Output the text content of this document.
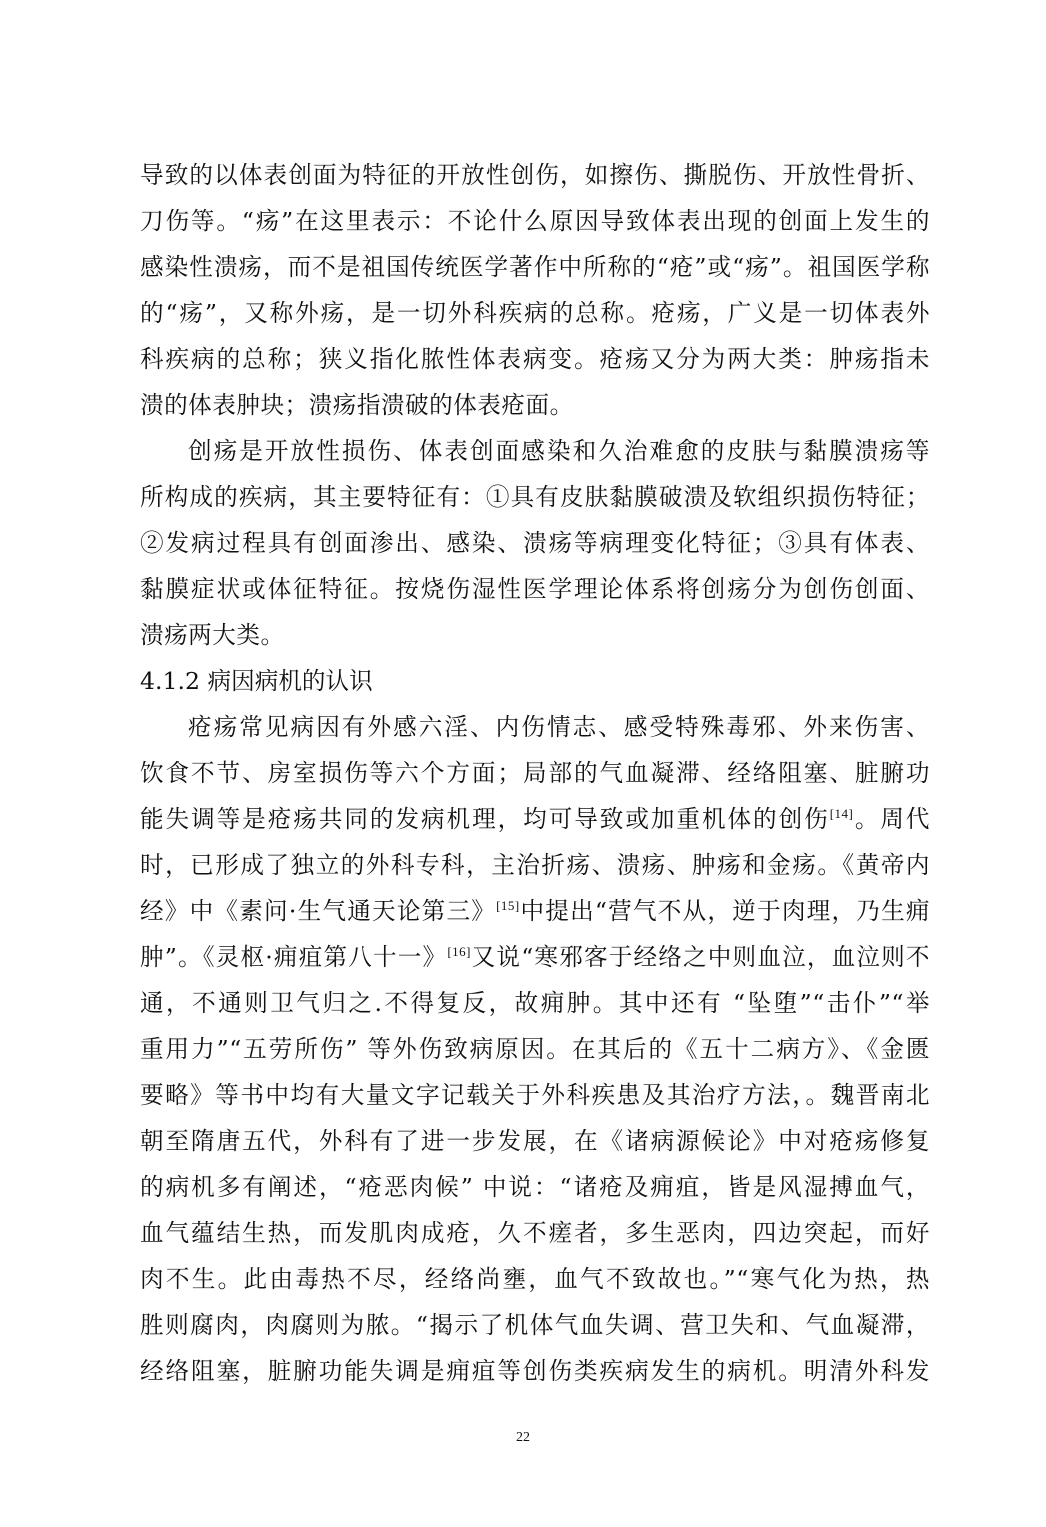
导致的以体表创面为特征的开放性创伤，如擦伤、撕脱伤、开放性骨折、
刀伤等。“疡”在这里表示：不论什么原因导致体表出现的创面上发生的
感染性溃疡，而不是祖国传统医学著作中所称的“疮”或“疡”。祖国医学称
的“疡”，又称外疡，是一切外科疾病的总称。疮疡，广义是一切体表外
科疾病的总称；狭义指化脓性体表病变。疮疡又分为两大类：肿疡指未
溃的体表肿块；溃疡指溃破的体表疮面。
创疡是开放性损伤、体表创面感染和久治难愈的皮肤与黏膜溃疡等
所构成的疾病，其主要特征有：①具有皮肤黏膜破溃及软组织损伤特征；
②发病过程具有创面渗出、感染、溃疡等病理变化特征；③具有体表、
黏膜症状或体征特征。按烧伤湿性医学理论体系将创疡分为创伤创面、
溃疡两大类。
4.1.2 病因病机的认识
疮疡常见病因有外感六淫、内伤情志、感受特殊毒邪、外来伤害、
饮食不节、房室损伤等六个方面；局部的气血凝滞、经络阻塞、脏腑功
能失调等是疮疡共同的发病机理，均可导致或加重机体的创伤[14]。周代
时，已形成了独立的外科专科，主治折疡、溃疡、肿疡和金疡。《黄帝内
经》中《素问·生气通天论第三》[15]中提出“营气不从，逆于肉理，乃生痈
肿”。《灵枢·痈疽第八十一》[16]又说“寒邪客于经络之中则血泣，血泣则不
通，不通则卫气归之.不得复反，故痈肿。其中还有 “坠堕”“击仆”“举
重用力”“五劳所伤” 等外伤致病原因。在其后的《五十二病方》、《金匮
要略》等书中均有大量文字记载关于外科疾患及其治疗方法，。魏晋南北
朝至隋唐五代，外科有了进一步发展，在《诸病源候论》中对疮疡修复
的病机多有阐述，“疮恶肉候” 中说：“诸疮及痈疽，皆是风湿搏血气，
血气蕴结生热，而发肌肉成疮，久不瘥者，多生恶肉，四边突起，而好
肉不生。此由毒热不尽，经络尚壅，血气不致故也。”“寒气化为热，热
胜则腐肉，肉腐则为脓。“揭示了机体气血失调、营卫失和、气血凝滞，
经络阻塞，脏腑功能失调是痈疽等创伤类疾病发生的病机。明清外科发
22
